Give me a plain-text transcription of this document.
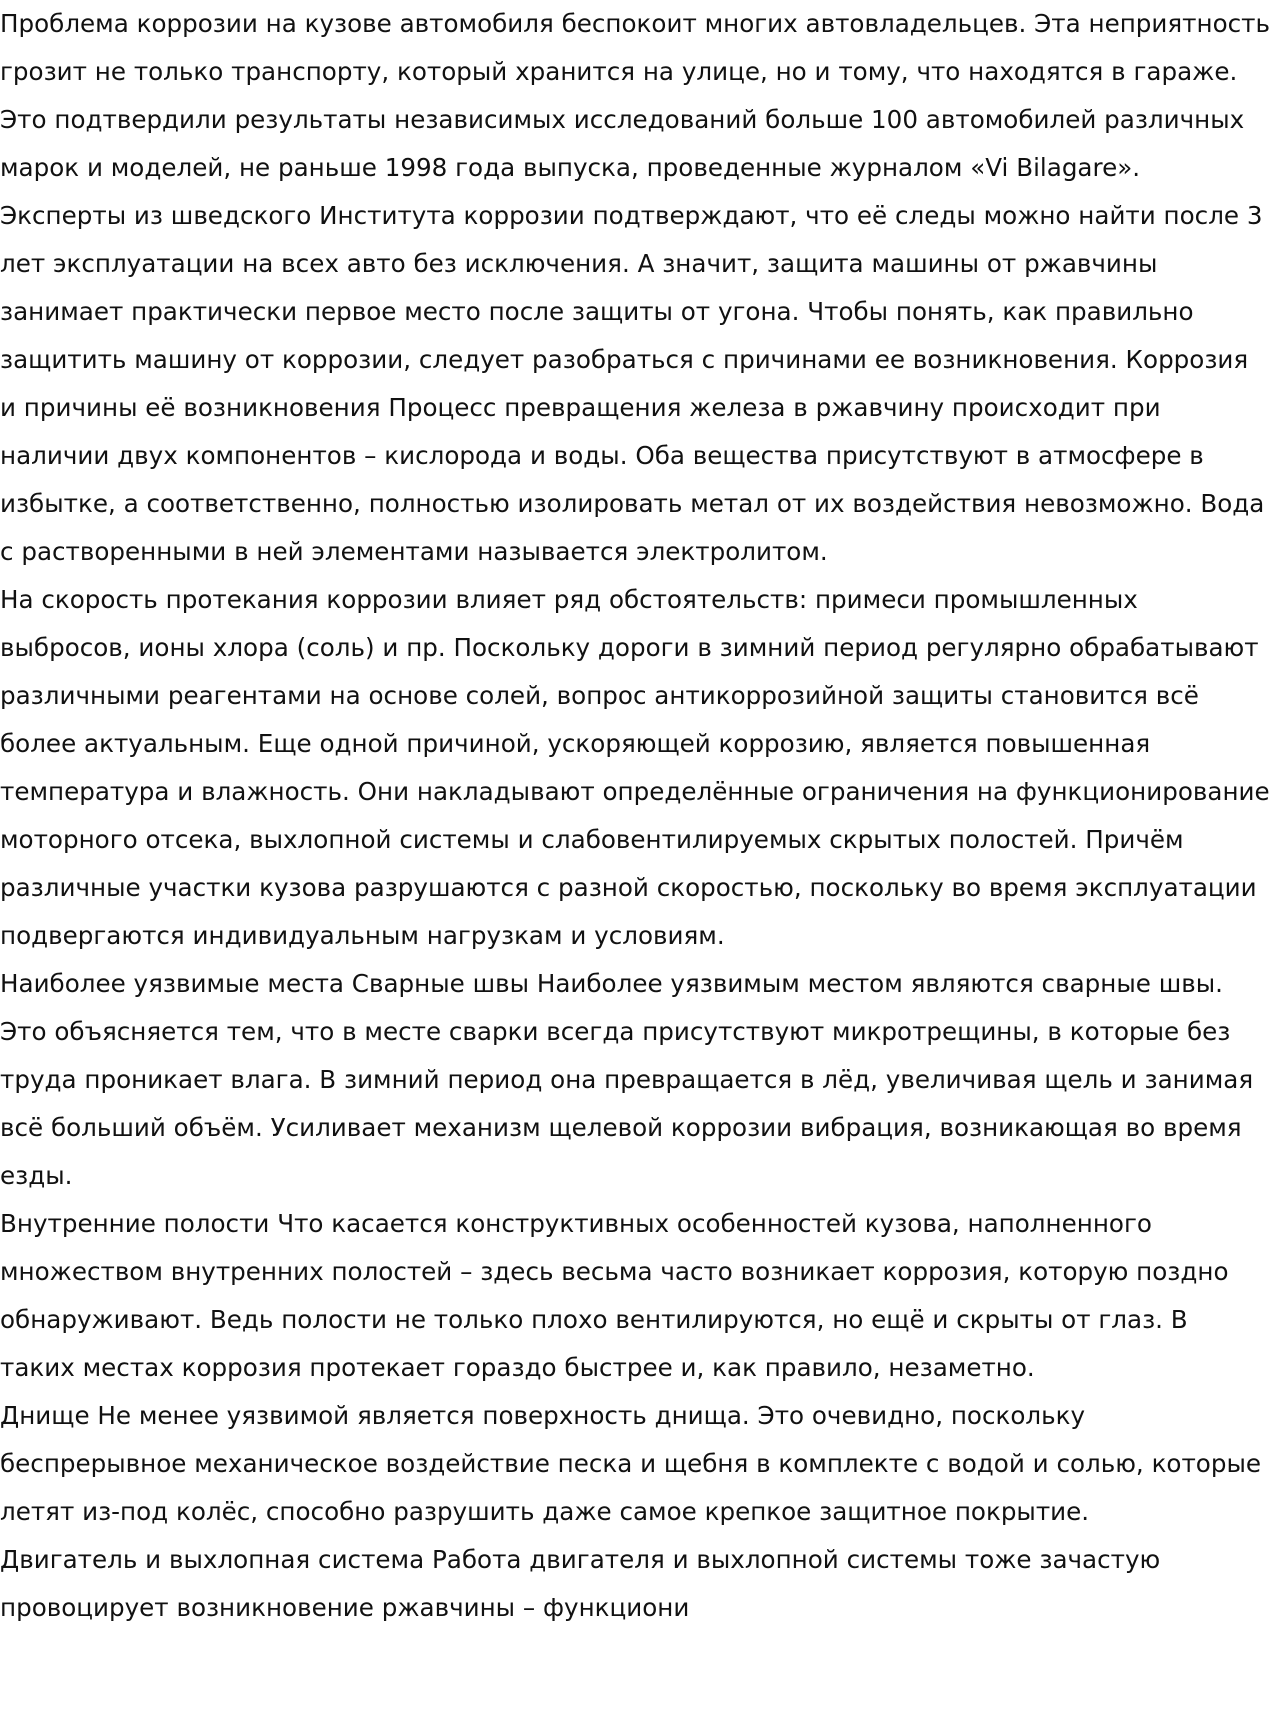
Проблема коррозии на кузове автомобиля беспокоит многих автовладельцев. Эта неприятность грозит не только транспорту, который хранится на улице, но и тому, что находятся в гараже. Это подтвердили результаты независимых исследований больше 100 автомобилей различных марок и моделей, не раньше 1998 года выпуска, проведенные журналом «Vi Bilagare». Эксперты из шведского Института коррозии подтверждают, что её следы можно найти после 3 лет эксплуатации на всех авто без исключения. А значит, защита машины от ржавчины занимает практически первое место после защиты от угона. Чтобы понять, как правильно защитить машину от коррозии, следует разобраться с причинами ее возникновения. Коррозия и причины её возникновения Процесс превращения железа в ржавчину происходит при наличии двух компонентов – кислорода и воды. Оба вещества присутствуют в атмосфере в избытке, а соответственно, полностью изолировать метал от их воздействия невозможно. Вода с растворенными в ней элементами называется электролитом.

На скорость протекания коррозии влияет ряд обстоятельств: примеси промышленных выбросов, ионы хлора (соль) и пр. Поскольку дороги в зимний период регулярно обрабатывают различными реагентами на основе солей, вопрос антикоррозийной защиты становится всё более актуальным. Еще одной причиной, ускоряющей коррозию, является повышенная температура и влажность. Они накладывают определённые ограничения на функционирование моторного отсека, выхлопной системы и слабовентилируемых скрытых полостей. Причём различные участки кузова разрушаются с разной скоростью, поскольку во время эксплуатации подвергаются индивидуальным нагрузкам и условиям.

Наиболее уязвимые места Сварные швы Наиболее уязвимым местом являются сварные швы. Это объясняется тем, что в месте сварки всегда присутствуют микротрещины, в которые без труда проникает влага. В зимний период она превращается в лёд, увеличивая щель и занимая всё больший объём. Усиливает механизм щелевой коррозии вибрация, возникающая во время езды.

Внутренние полости Что касается конструктивных особенностей кузова, наполненного множеством внутренних полостей – здесь весьма часто возникает коррозия, которую поздно обнаруживают. Ведь полости не только плохо вентилируются, но ещё и скрыты от глаз. В таких местах коррозия протекает гораздо быстрее и, как правило, незаметно.

Днище Не менее уязвимой является поверхность днища. Это очевидно, поскольку беспрерывное механическое воздействие песка и щебня в комплекте с водой и солью, которые летят из-под колёс, способно разрушить даже самое крепкое защитное покрытие.

Двигатель и выхлопная система Работа двигателя и выхлопной системы тоже зачастую провоцирует возникновение ржавчины – функциони
